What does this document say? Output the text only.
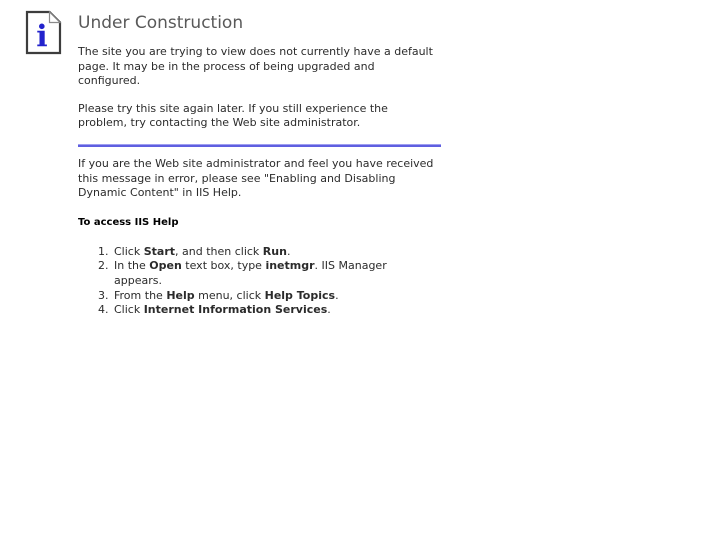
i Under Construction
The site you are trying to view does not currently have a default
page. It may be in the process of being upgraded and
configured.
Please try this site again later. If you still experience the
problem, try contacting the Web site administrator.
If you are the Web site administrator and feel you have received
this message in error, please see "Enabling and Disabling
Dynamic Content" in IIS Help.
To access IIS Help
1. Click Start, and then click Run.
2. In the Open text box, type inetmgr. IIS Manager
appears.
3. From the Help menu, click Help Topics.
4. Click Internet Information Services.
